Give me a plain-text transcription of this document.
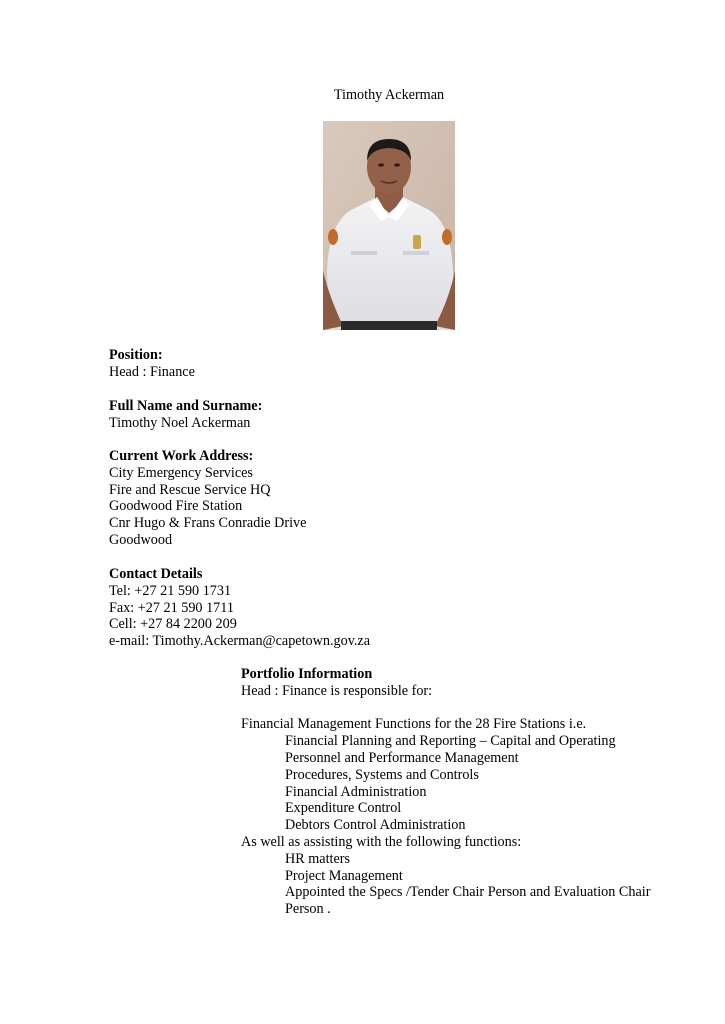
Timothy Ackerman
Position:
Head : Finance
Full Name and Surname:
Timothy Noel Ackerman
Current Work Address:
City Emergency Services
Fire and Rescue Service HQ
Goodwood Fire Station
Cnr Hugo & Frans Conradie Drive
Goodwood
Contact Details
Tel: +27 21 590 1731
Fax: +27 21 590 1711
Cell: +27 84 2200 209
e-mail: Timothy.Ackerman@capetown.gov.za
Portfolio Information
Head : Finance is responsible for:
Financial Management Functions for the 28 Fire Stations i.e.
Financial Planning and Reporting – Capital and Operating
Personnel and Performance Management
Procedures, Systems and Controls
Financial Administration
Expenditure Control
Debtors Control Administration
As well as assisting with the following functions:
HR matters
Project Management
Appointed the Specs /Tender Chair Person and Evaluation Chair
Person .
